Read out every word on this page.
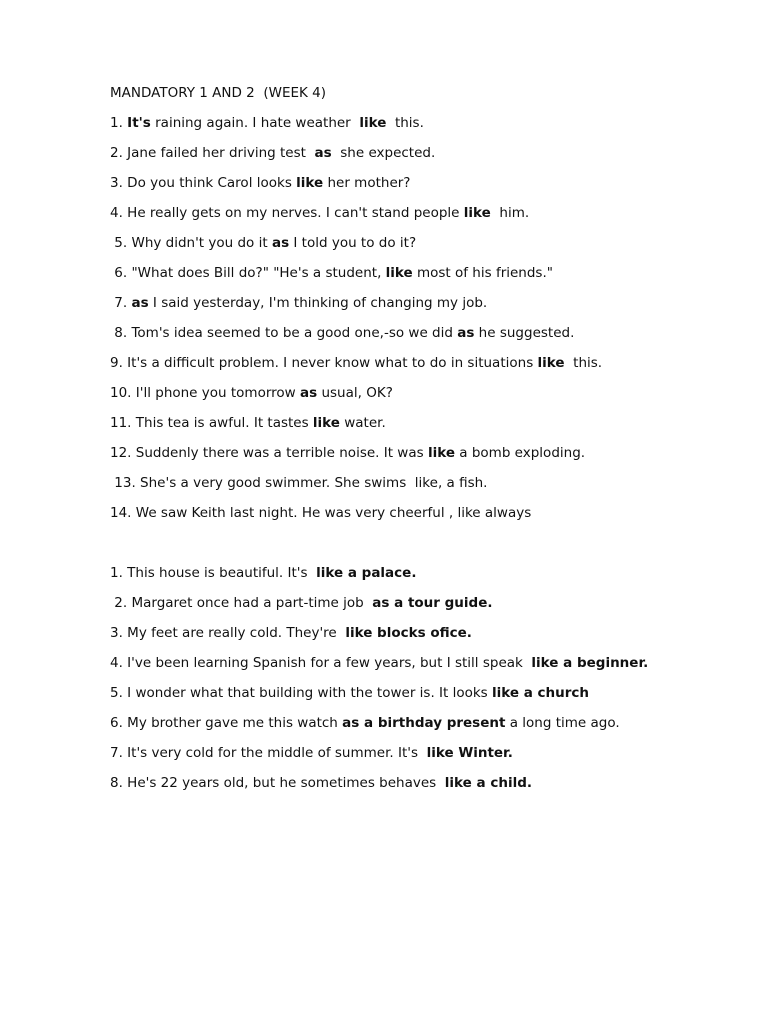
MANDATORY 1 AND 2  (WEEK 4)
1. It's raining again. I hate weather  like  this.
2. Jane failed her driving test  as  she expected.
3. Do you think Carol looks like her mother?
4. He really gets on my nerves. I can't stand people like  him.
5. Why didn't you do it as I told you to do it?
6. "What does Bill do?" "He's a student, like most of his friends."
7. as I said yesterday, I'm thinking of changing my job.
8. Tom's idea seemed to be a good one,-so we did as he suggested.
9. It's a difficult problem. I never know what to do in situations like  this.
10. I'll phone you tomorrow as usual, OK?
11. This tea is awful. It tastes like water.
12. Suddenly there was a terrible noise. It was like a bomb exploding.
13. She's a very good swimmer. She swims  like, a fish.
14. We saw Keith last night. He was very cheerful , like always
1. This house is beautiful. It's  like a palace.
2. Margaret once had a part-time job  as a tour guide.
3. My feet are really cold. They're  like blocks ofice.
4. I've been learning Spanish for a few years, but I still speak  like a beginner.
5. I wonder what that building with the tower is. It looks like a church
6. My brother gave me this watch as a birthday present a long time ago.
7. It's very cold for the middle of summer. It's  like Winter.
8. He's 22 years old, but he sometimes behaves  like a child.
